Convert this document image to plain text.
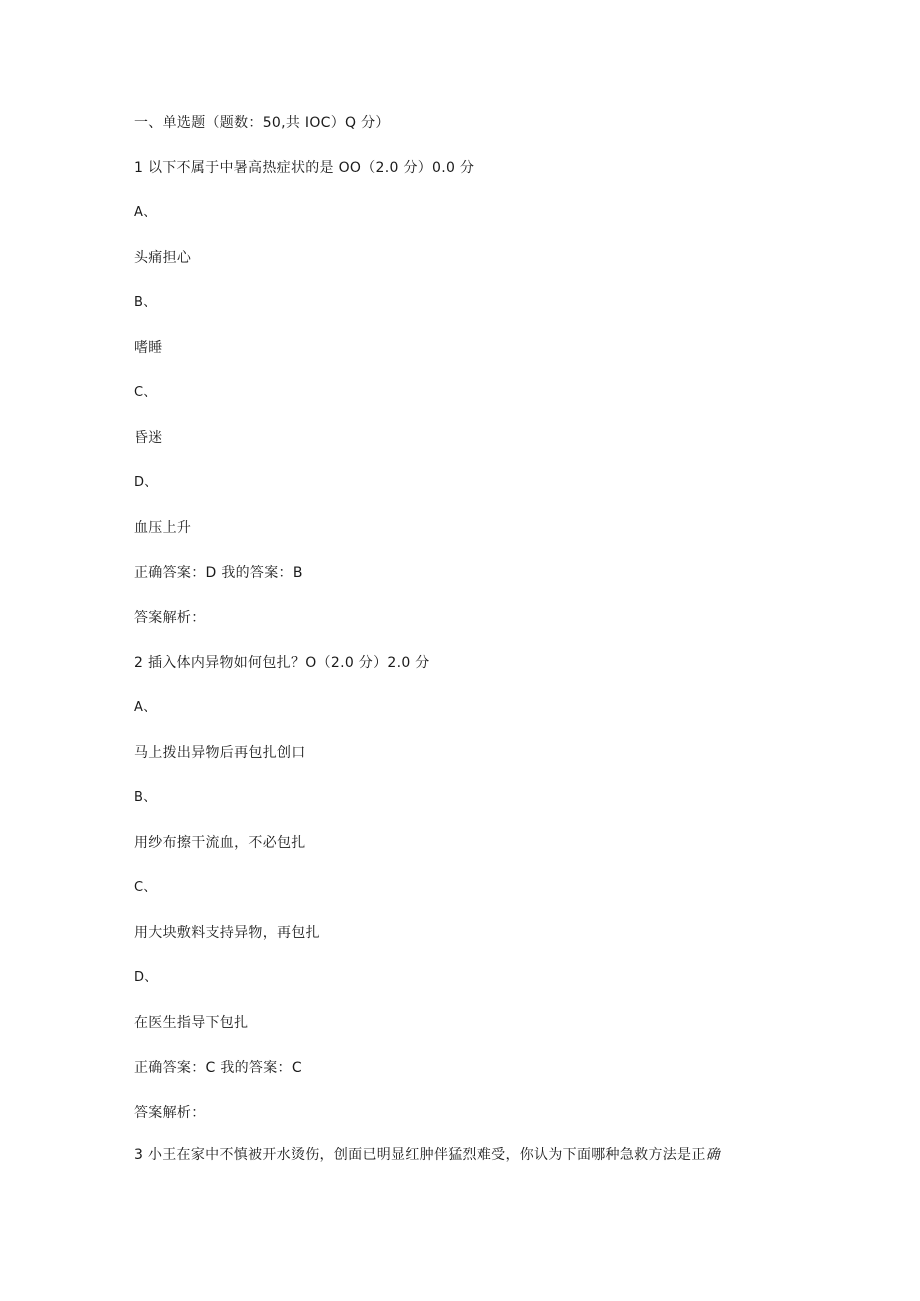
一、单选题（题数：50,共 IOC）Q 分）
1 以下不属于中暑高热症状的是 OO（2.0 分）0.0 分
A、
头痛担心
B、
嗜睡
C、
昏迷
D、
血压上升
正确答案：D 我的答案：B
答案解析：
2 插入体内异物如何包扎？O（2.0 分）2.0 分
A、
马上拨出异物后再包扎创口
B、
用纱布擦干流血，不必包扎
C、
用大块敷料支持异物，再包扎
D、
在医生指导下包扎
正确答案：C 我的答案：C
答案解析：
3 小王在家中不慎被开水烫伤，创面已明显红肿伴猛烈难受，你认为下面哪种急救方法是正确
